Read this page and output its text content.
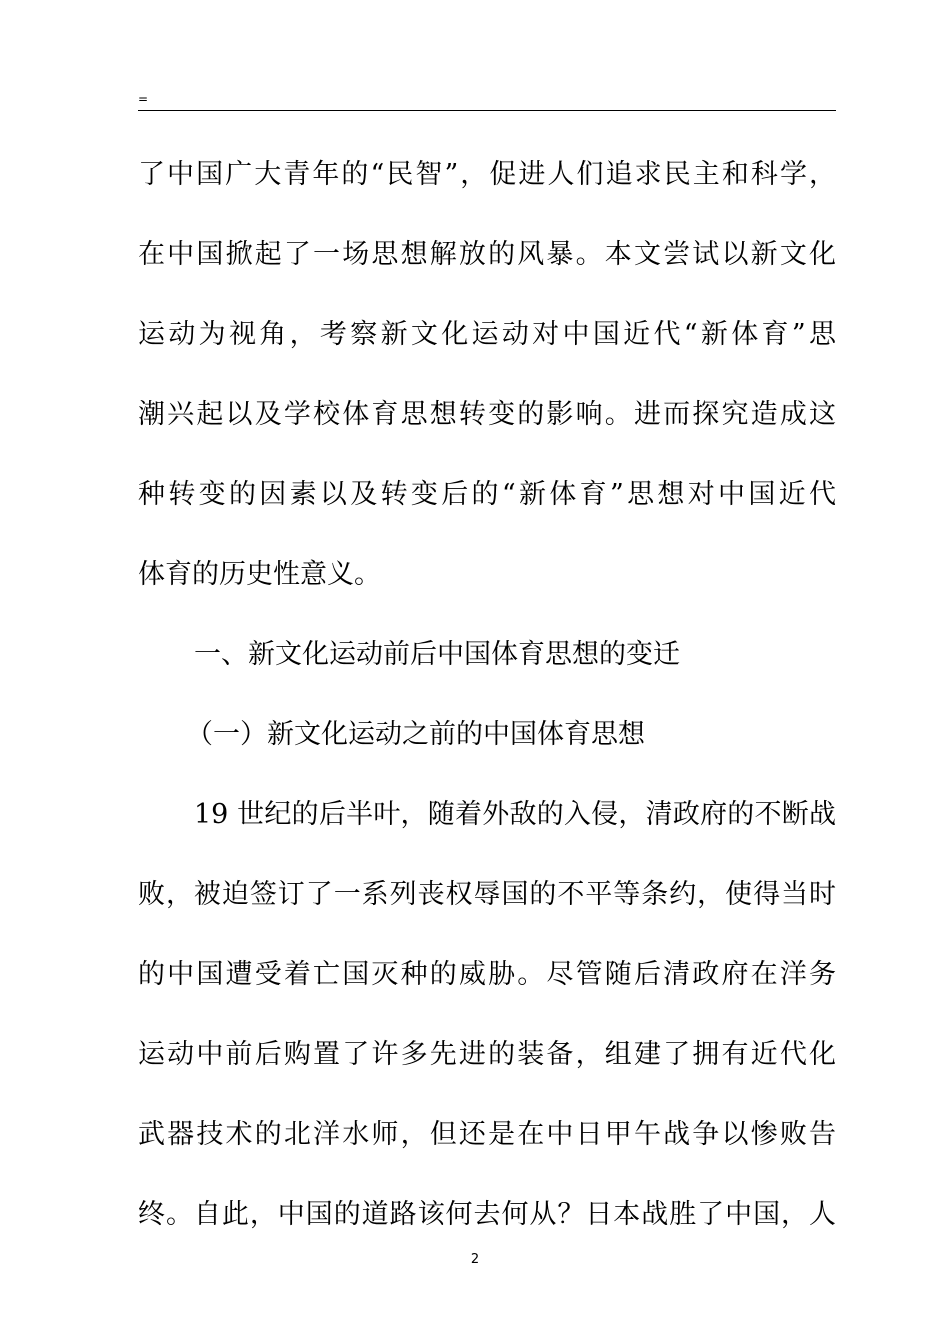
=
了中国广大青年的“民智”，促进人们追求民主和科学，
在中国掀起了一场思想解放的风暴。本文尝试以新文化
运动为视角，考察新文化运动对中国近代“新体育”思
潮兴起以及学校体育思想转变的影响。进而探究造成这
种转变的因素以及转变后的“新体育”思想对中国近代
体育的历史性意义。
一、新文化运动前后中国体育思想的变迁
（一）新文化运动之前的中国体育思想
19 世纪的后半叶，随着外敌的入侵，清政府的不断战
败，被迫签订了一系列丧权辱国的不平等条约，使得当时
的中国遭受着亡国灭种的威胁。尽管随后清政府在洋务
运动中前后购置了许多先进的装备，组建了拥有近代化
武器技术的北洋水师，但还是在中日甲午战争以惨败告
终。自此，中国的道路该何去何从？日本战胜了中国，人
2
